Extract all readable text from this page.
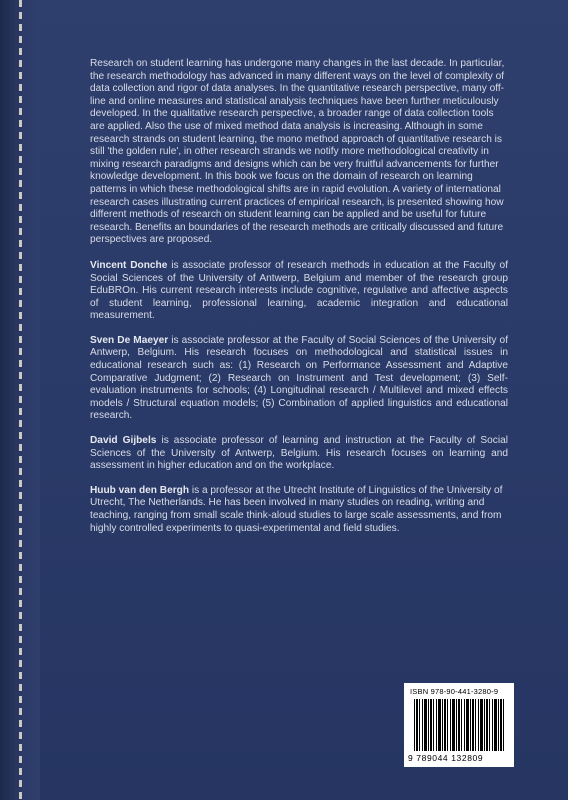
Research on student learning has undergone many changes in the last decade. In particular, the research methodology has advanced in many different ways on the level of complexity of data collection and rigor of data analyses. In the quantitative research perspective, many off-line and online measures and statistical analysis techniques have been further meticulously developed. In the qualitative research perspective, a broader range of data collection tools are applied. Also the use of mixed method data analysis is increasing. Although in some research strands on student learning, the mono method approach of quantitative research is still 'the golden rule', in other research strands we notify more methodological creativity in mixing research paradigms and designs which can be very fruitful advancements for further knowledge development. In this book we focus on the domain of research on learning patterns in which these methodological shifts are in rapid evolution. A variety of international research cases illustrating current practices of empirical research, is presented showing how different methods of research on student learning can be applied and be useful for future research. Benefits an boundaries of the research methods are critically discussed and future perspectives are proposed.

Vincent Donche is associate professor of research methods in education at the Faculty of Social Sciences of the University of Antwerp, Belgium and member of the research group EduBROn. His current research interests include cognitive, regulative and affective aspects of student learning, professional learning, academic integration and educational measurement.

Sven De Maeyer is associate professor at the Faculty of Social Sciences of the University of Antwerp, Belgium. His research focuses on methodological and statistical issues in educational research such as: (1) Research on Performance Assessment and Adaptive Comparative Judgment; (2) Research on Instrument and Test development; (3) Self-evaluation instruments for schools; (4) Longitudinal research / Multilevel and mixed effects models / Structural equation models; (5) Combination of applied linguistics and educational research.

David Gijbels is associate professor of learning and instruction at the Faculty of Social Sciences of the University of Antwerp, Belgium. His research focuses on learning and assessment in higher education and on the workplace.

Huub van den Bergh is a professor at the Utrecht Institute of Linguistics of the University of Utrecht, The Netherlands. He has been involved in many studies on reading, writing and teaching, ranging from small scale think-aloud studies to large scale assessments, and from highly controlled experiments to quasi-experimental and field studies.

ISBN 978-90-441-3280-9
9 789044 132809
